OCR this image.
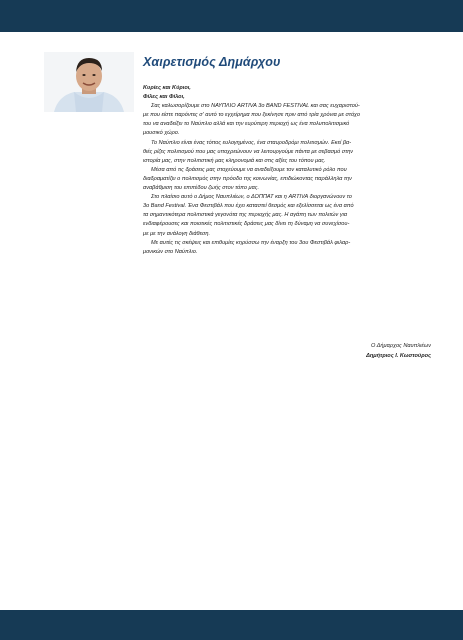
Χαιρετισμός Δημάρχου
Κυρίες και Κύριοι,
Φίλες και Φίλοι,
Σας καλωσορίζουμε στο ΝΑΥΠΛΙΟ ARTIVA 3ο BAND FESTIVAL και σας ευχαριστού-
με που είστε παρόντες σ' αυτό το εγχείρημα που ξεκίνησε πριν από τρία χρόνια με στόχο
του να αναδείξει το Ναύπλιο αλλά και την ευρύτερη περιοχή ως ένα πολυπολιτισμικό
μουσικό χώρο.
Το Ναύπλιο είναι ένας τόπος ευλογημένος, ένα σταυροδρόμι πολιτισμών. Εκεί βα-
θιές ρίζες πολιτισμού που μας υποχρεώνουν να λειτουργούμε πάντα με σεβασμό στην
ιστορία μας, στην πολιτιστική μας κληρονομιά και στις αξίες του τόπου μας.
Μέσα από τις δράσεις μας στοχεύουμε να αναδείξουμε τον καταλυτικό ρόλο που
διαδραματίζει ο πολιτισμός στην πρόοδο της κοινωνίας, επιδιώκοντας παράλληλα την
αναβάθμιση του επιπέδου ζωής στον τόπο μας.
Στο πλαίσιο αυτό ο Δήμος Ναυπλιέων, ο ΔΟΠΠΑΤ και η ARTIVA διοργανώνουν το
3ο Band Festival. Ένα Φεστιβάλ που έχει καταστεί θεσμός και εξελίσσεται ως ένα από
τα σημαντικότερα πολιτιστικά γεγονότα της περιοχής μας. Η αγάπη των πολιτών για
ενδιαφέρουσες και ποιοτικές πολιτιστικές δράσεις μας δίνει τη δύναμη να συνεχίσου-
με με την ανάλογη διάθεση.
Με αυτές τις σκέψεις και επιθυμίες κηρύσσω την έναρξη του 3ου Φεστιβάλ φιλαρ-
μονικών στο Ναύπλιο.
Ο Δήμαρχος Ναυπλιέων
Δημήτριος Ι. Κωστούρος
